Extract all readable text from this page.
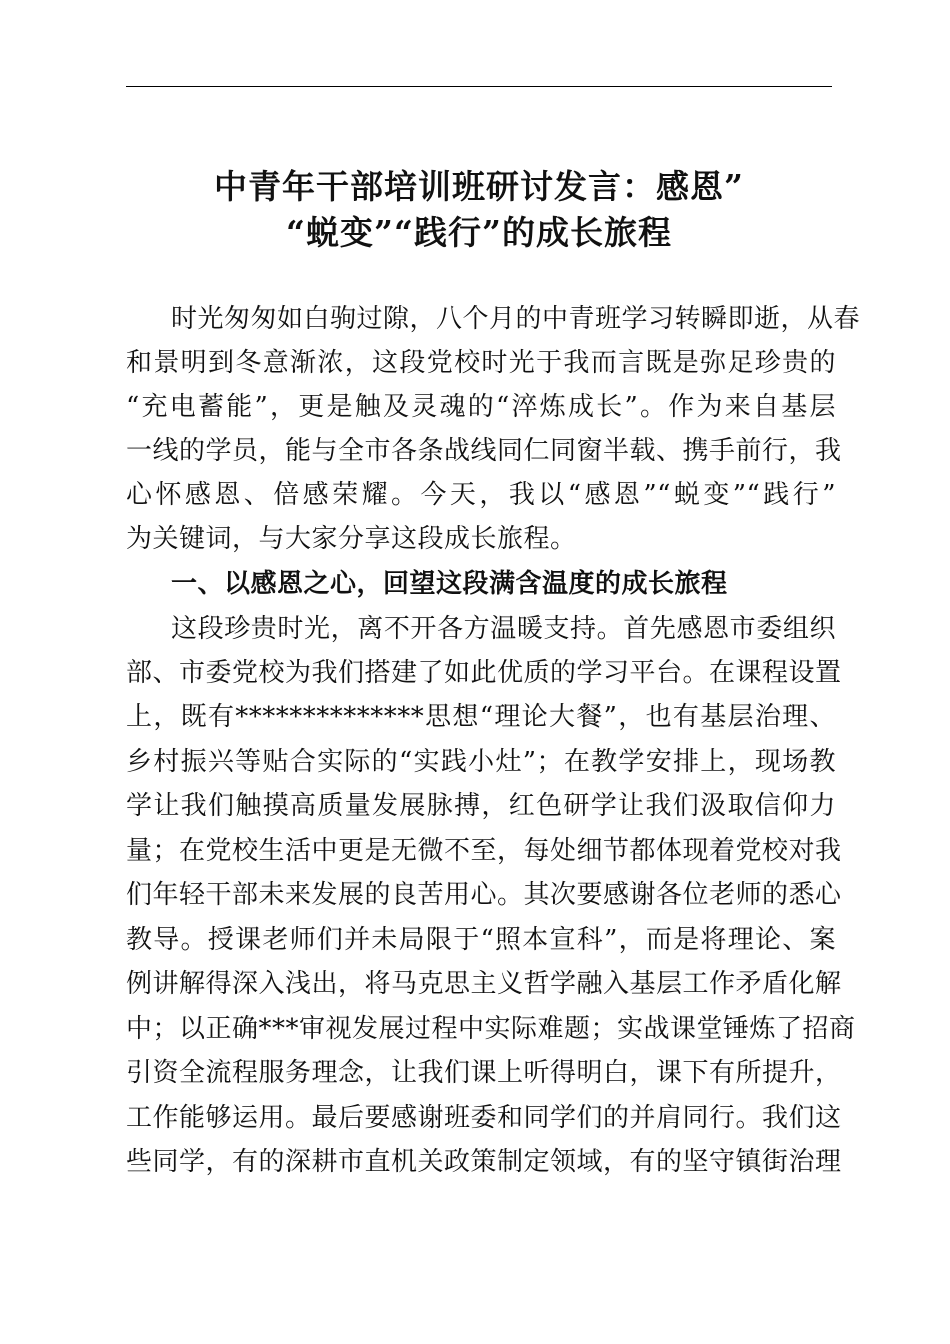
中青年干部培训班研讨发言：感恩”
“蜕变”“践行”的成长旅程
时光匆匆如白驹过隙，八个月的中青班学习转瞬即逝，从春
和景明到冬意渐浓，这段党校时光于我而言既是弥足珍贵的
“充电蓄能”，更是触及灵魂的“淬炼成长”。作为来自基层
一线的学员，能与全市各条战线同仁同窗半载、携手前行，我
心怀感恩、倍感荣耀。今天，我以“感恩”“蜕变”“践行”
为关键词，与大家分享这段成长旅程。
一、以感恩之心，回望这段满含温度的成长旅程
这段珍贵时光，离不开各方温暖支持。首先感恩市委组织
部、市委党校为我们搭建了如此优质的学习平台。在课程设置
上，既有**************思想“理论大餐”，也有基层治理、
乡村振兴等贴合实际的“实践小灶”；在教学安排上，现场教
学让我们触摸高质量发展脉搏，红色研学让我们汲取信仰力
量；在党校生活中更是无微不至，每处细节都体现着党校对我
们年轻干部未来发展的良苦用心。其次要感谢各位老师的悉心
教导。授课老师们并未局限于“照本宣科”，而是将理论、案
例讲解得深入浅出，将马克思主义哲学融入基层工作矛盾化解
中；以正确***审视发展过程中实际难题；实战课堂锤炼了招商
引资全流程服务理念，让我们课上听得明白，课下有所提升，
工作能够运用。最后要感谢班委和同学们的并肩同行。我们这
些同学，有的深耕市直机关政策制定领域，有的坚守镇街治理
